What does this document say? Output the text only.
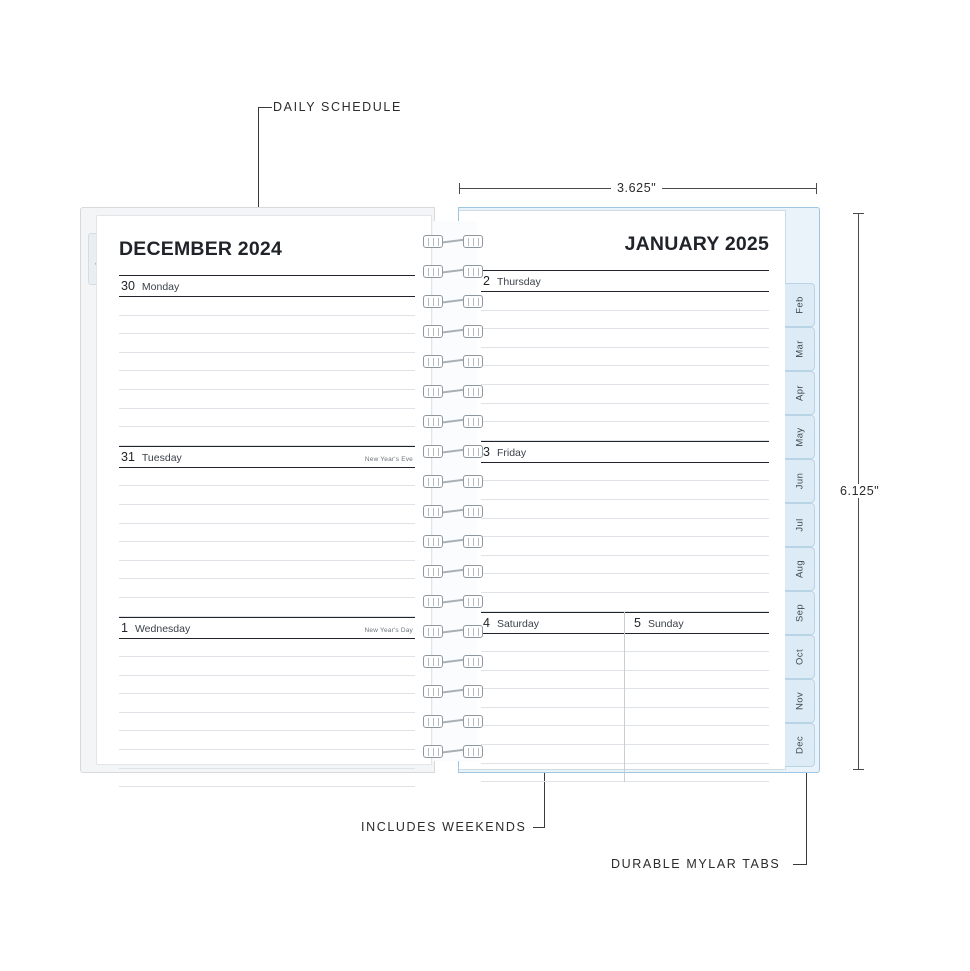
DAILY SCHEDULE
INCLUDES WEEKENDS
DURABLE MYLAR TABS
3.625"
6.125"
DECEMBER 2024
30 Monday
31 Tuesday	New Year's Eve
1 Wednesday	New Year's Day
JANUARY 2025
2 Thursday
3 Friday
4 Saturday	5 Sunday
Feb
Mar
Apr
May
Jun
Jul
Aug
Sep
Oct
Nov
Dec
